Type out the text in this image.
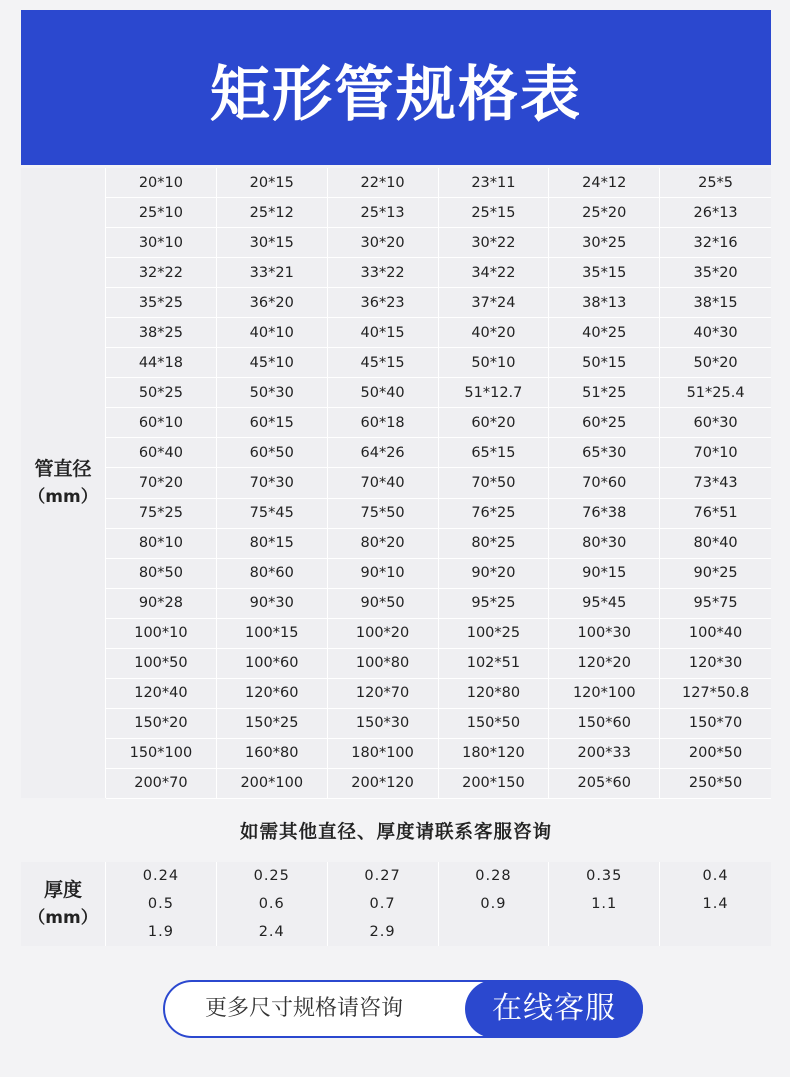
矩形管规格表
管直径
（mm）
20*10	20*15	22*10	23*11	24*12	25*5
25*10	25*12	25*13	25*15	25*20	26*13
30*10	30*15	30*20	30*22	30*25	32*16
32*22	33*21	33*22	34*22	35*15	35*20
35*25	36*20	36*23	37*24	38*13	38*15
38*25	40*10	40*15	40*20	40*25	40*30
44*18	45*10	45*15	50*10	50*15	50*20
50*25	50*30	50*40	51*12.7	51*25	51*25.4
60*10	60*15	60*18	60*20	60*25	60*30
60*40	60*50	64*26	65*15	65*30	70*10
70*20	70*30	70*40	70*50	70*60	73*43
75*25	75*45	75*50	76*25	76*38	76*51
80*10	80*15	80*20	80*25	80*30	80*40
80*50	80*60	90*10	90*20	90*15	90*25
90*28	90*30	90*50	95*25	95*45	95*75
100*10	100*15	100*20	100*25	100*30	100*40
100*50	100*60	100*80	102*51	120*20	120*30
120*40	120*60	120*70	120*80	120*100	127*50.8
150*20	150*25	150*30	150*50	150*60	150*70
150*100	160*80	180*100	180*120	200*33	200*50
200*70	200*100	200*120	200*150	205*60	250*50
如需其他直径、厚度请联系客服咨询
厚度
（mm）
0.24	0.25	0.27	0.28	0.35	0.4
0.5	0.6	0.7	0.9	1.1	1.4
1.9	2.4	2.9
更多尺寸规格请咨询	在线客服
